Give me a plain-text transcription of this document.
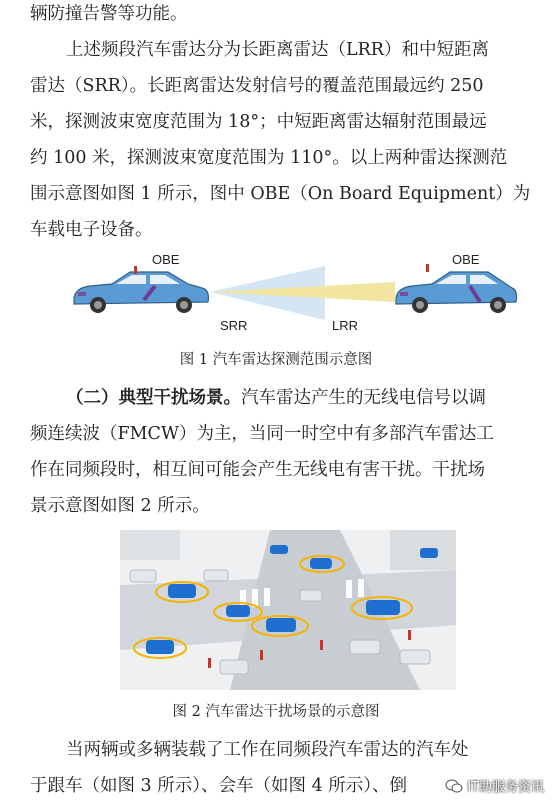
辆防撞告警等功能。
上述频段汽车雷达分为长距离雷达（LRR）和中短距离
雷达（SRR）。长距离雷达发射信号的覆盖范围最远约 250
米，探测波束宽度范围为 18°；中短距离雷达辐射范围最远
约 100 米，探测波束宽度范围为 110°。以上两种雷达探测范
围示意图如图 1 所示，图中 OBE（On Board Equipment）为
车载电子设备。
OBE
SRR	LRR
OBE
图 1 汽车雷达探测范围示意图
（二）典型干扰场景。汽车雷达产生的无线电信号以调
频连续波（FMCW）为主，当同一时空中有多部汽车雷达工
作在同频段时，相互间可能会产生无线电有害干扰。干扰场
景示意图如图 2 所示。
图 2 汽车雷达干扰场景的示意图
当两辆或多辆装载了工作在同频段汽车雷达的汽车处
于跟车（如图 3 所示）、会车（如图 4 所示）、倒	IT助服务资讯
